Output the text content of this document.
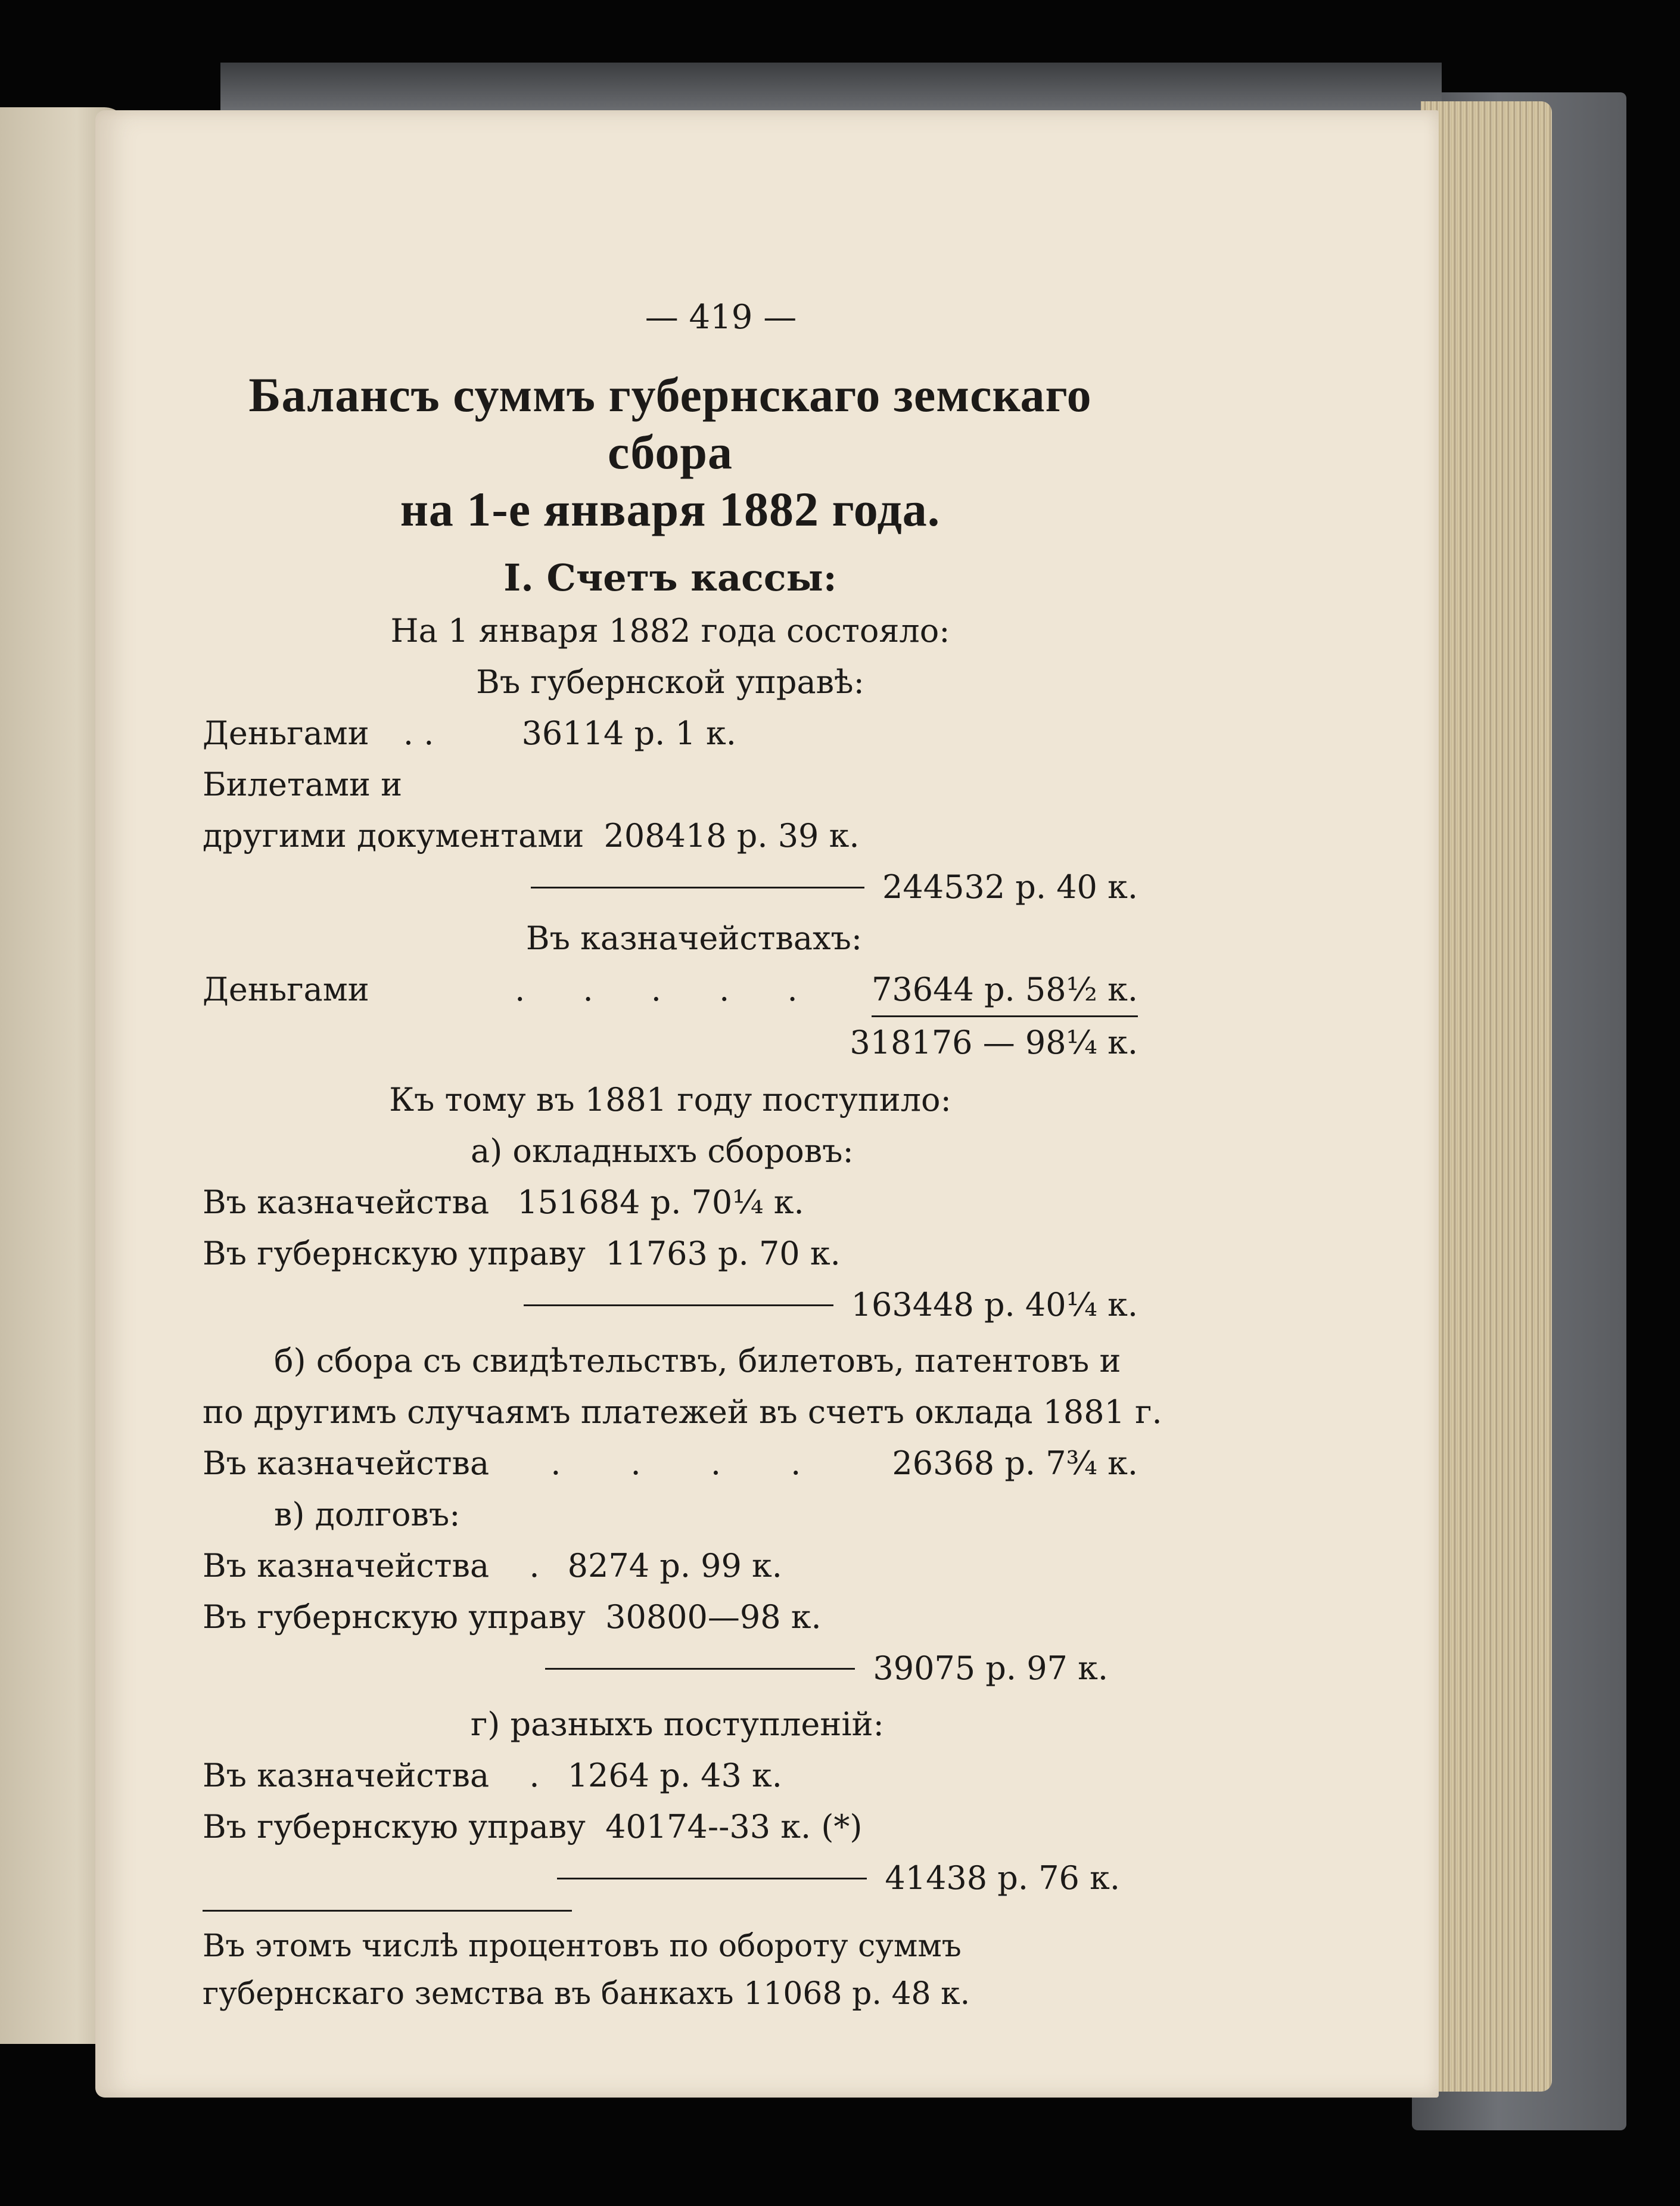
— 419 —
Балансъ суммъ губернскаго земскаго сбора
на 1-е января 1882 года.
I. Счетъ кассы:
На 1 января 1882 года состояло:
Въ губернской управѣ:
Деньгами . .	36114 р. 1 к.
Билетами и
другими документами 208418 р. 39 к.
244532 р. 40 к.
Въ казначействахъ:
Деньгами	. . . . . 73644 р. 58½ к.
318176 — 98¼ к.
Къ тому въ 1881 году поступило:
а) окладныхъ сборовъ:
Въ казначейства 151684 р. 70¼ к.
Въ губернскую управу 11763 р. 70 к.
163448 р. 40¼ к.
б) сбора съ свидѣтельствъ, билетовъ, патентовъ и
по другимъ случаямъ платежей въ счетъ оклада 1881 г.
Въ казначейства . . . . 26368 р. 7¾ к.
в) долговъ:
Въ казначейства . 8274 р. 99 к.
Въ губернскую управу 30800—98 к.
39075 р. 97 к.
г) разныхъ поступленій:
Въ казначейства . 1264 р. 43 к.
Въ губернскую управу 40174--33 к. (*)
41438 р. 76 к.
Въ этомъ числѣ процентовъ по обороту суммъ губернскаго земства въ банкахъ 11068 р. 48 к.
